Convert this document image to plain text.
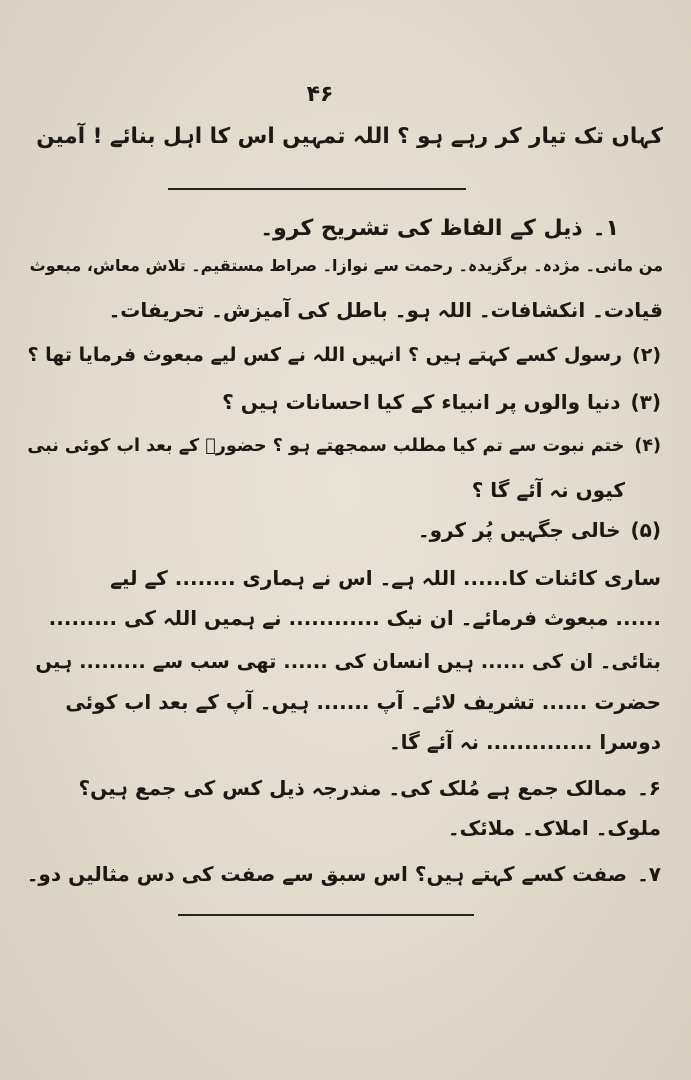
۴۶
کہاں تک تیار کر رہے ہو ؟ اللہ تمہیں اس کا اہل بنائے ! آمین
۱۔ذیل کے الفاظ کی تشریح کرو۔
من مانی۔ مژدہ۔ برگزیدہ۔ رحمت سے نوازا۔ صراط مستقیم۔ تلاش معاش، مبعوث
قیادت۔ انکشافات۔ اللہ ہو۔ باطل کی آمیزش۔ تحریفات۔
(۲)رسول کسے کہتے ہیں ؟ انہیں اللہ نے کس لیے مبعوث فرمایا تھا ؟
(۳)دنیا والوں پر انبیاء کے کیا احسانات ہیں ؟
(۴)ختم نبوت سے تم کیا مطلب سمجھتے ہو ؟ حضورؐ کے بعد اب کوئی نبی
کیوں نہ آئے گا ؟
(۵)خالی جگہیں پُر کرو۔
ساری کائنات کا...... اللہ ہے۔ اس نے ہماری ........ کے لیے
...... مبعوث فرمائے۔ ان نیک ............ نے ہمیں اللہ کی .........
بتائی۔ ان کی ...... ہیں انسان کی ...... تھی سب سے ......... ہیں
حضرت ...... تشریف لائے۔ آپ ....... ہیں۔ آپ کے بعد اب کوئی
دوسرا .............. نہ آئے گا۔
۶۔ممالک جمع ہے مُلک کی۔ مندرجہ ذیل کس کی جمع ہیں؟
ملوک۔ املاک۔ ملائک۔
۷۔صفت کسے کہتے ہیں؟ اس سبق سے صفت کی دس مثالیں دو۔
